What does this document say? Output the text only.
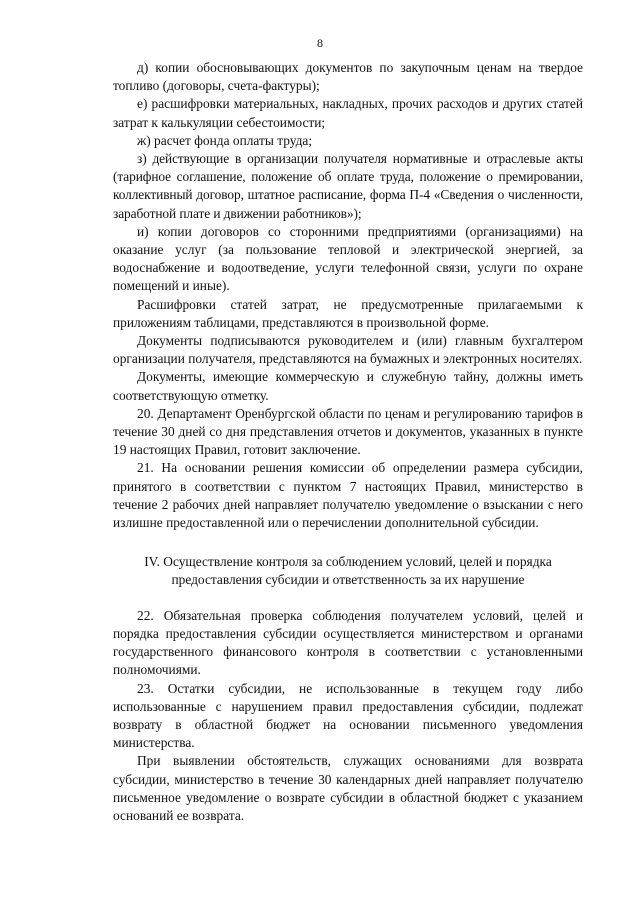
8

д) копии обосновывающих документов по закупочным ценам на твердое топливо (договоры, счета-фактуры);

е) расшифровки материальных, накладных, прочих расходов и других статей затрат к калькуляции себестоимости;

ж) расчет фонда оплаты труда;

з) действующие в организации получателя нормативные и отраслевые акты (тарифное соглашение, положение об оплате труда, положение о премировании, коллективный договор, штатное расписание, форма П-4 «Сведения о численности, заработной плате и движении работников»);

и) копии договоров со сторонними предприятиями (организациями) на оказание услуг (за пользование тепловой и электрической энергией, за водоснабжение и водоотведение, услуги телефонной связи, услуги по охране помещений и иные).

Расшифровки статей затрат, не предусмотренные прилагаемыми к приложениям таблицами, представляются в произвольной форме.

Документы подписываются руководителем и (или) главным бухгалтером организации получателя, представляются на бумажных и электронных носителях.

Документы, имеющие коммерческую и служебную тайну, должны иметь соответствующую отметку.

20. Департамент Оренбургской области по ценам и регулированию тарифов в течение 30 дней со дня представления отчетов и документов, указанных в пункте 19 настоящих Правил, готовит заключение.

21. На основании решения комиссии об определении размера субсидии, принятого в соответствии с пунктом 7 настоящих Правил, министерство в течение 2 рабочих дней направляет получателю уведомление о взыскании с него излишне предоставленной или о перечислении дополнительной субсидии.

IV. Осуществление контроля за соблюдением условий, целей и порядка

предоставления субсидии и ответственность за их нарушение

22. Обязательная проверка соблюдения получателем условий, целей и порядка предоставления субсидии осуществляется министерством и органами государственного финансового контроля в соответствии с установленными полномочиями.

23. Остатки субсидии, не использованные в текущем году либо использованные с нарушением правил предоставления субсидии, подлежат возврату в областной бюджет на основании письменного уведомления министерства.

При выявлении обстоятельств, служащих основаниями для возврата субсидии, министерство в течение 30 календарных дней направляет получателю письменное уведомление о возврате субсидии в областной бюджет с указанием оснований ее возврата.
